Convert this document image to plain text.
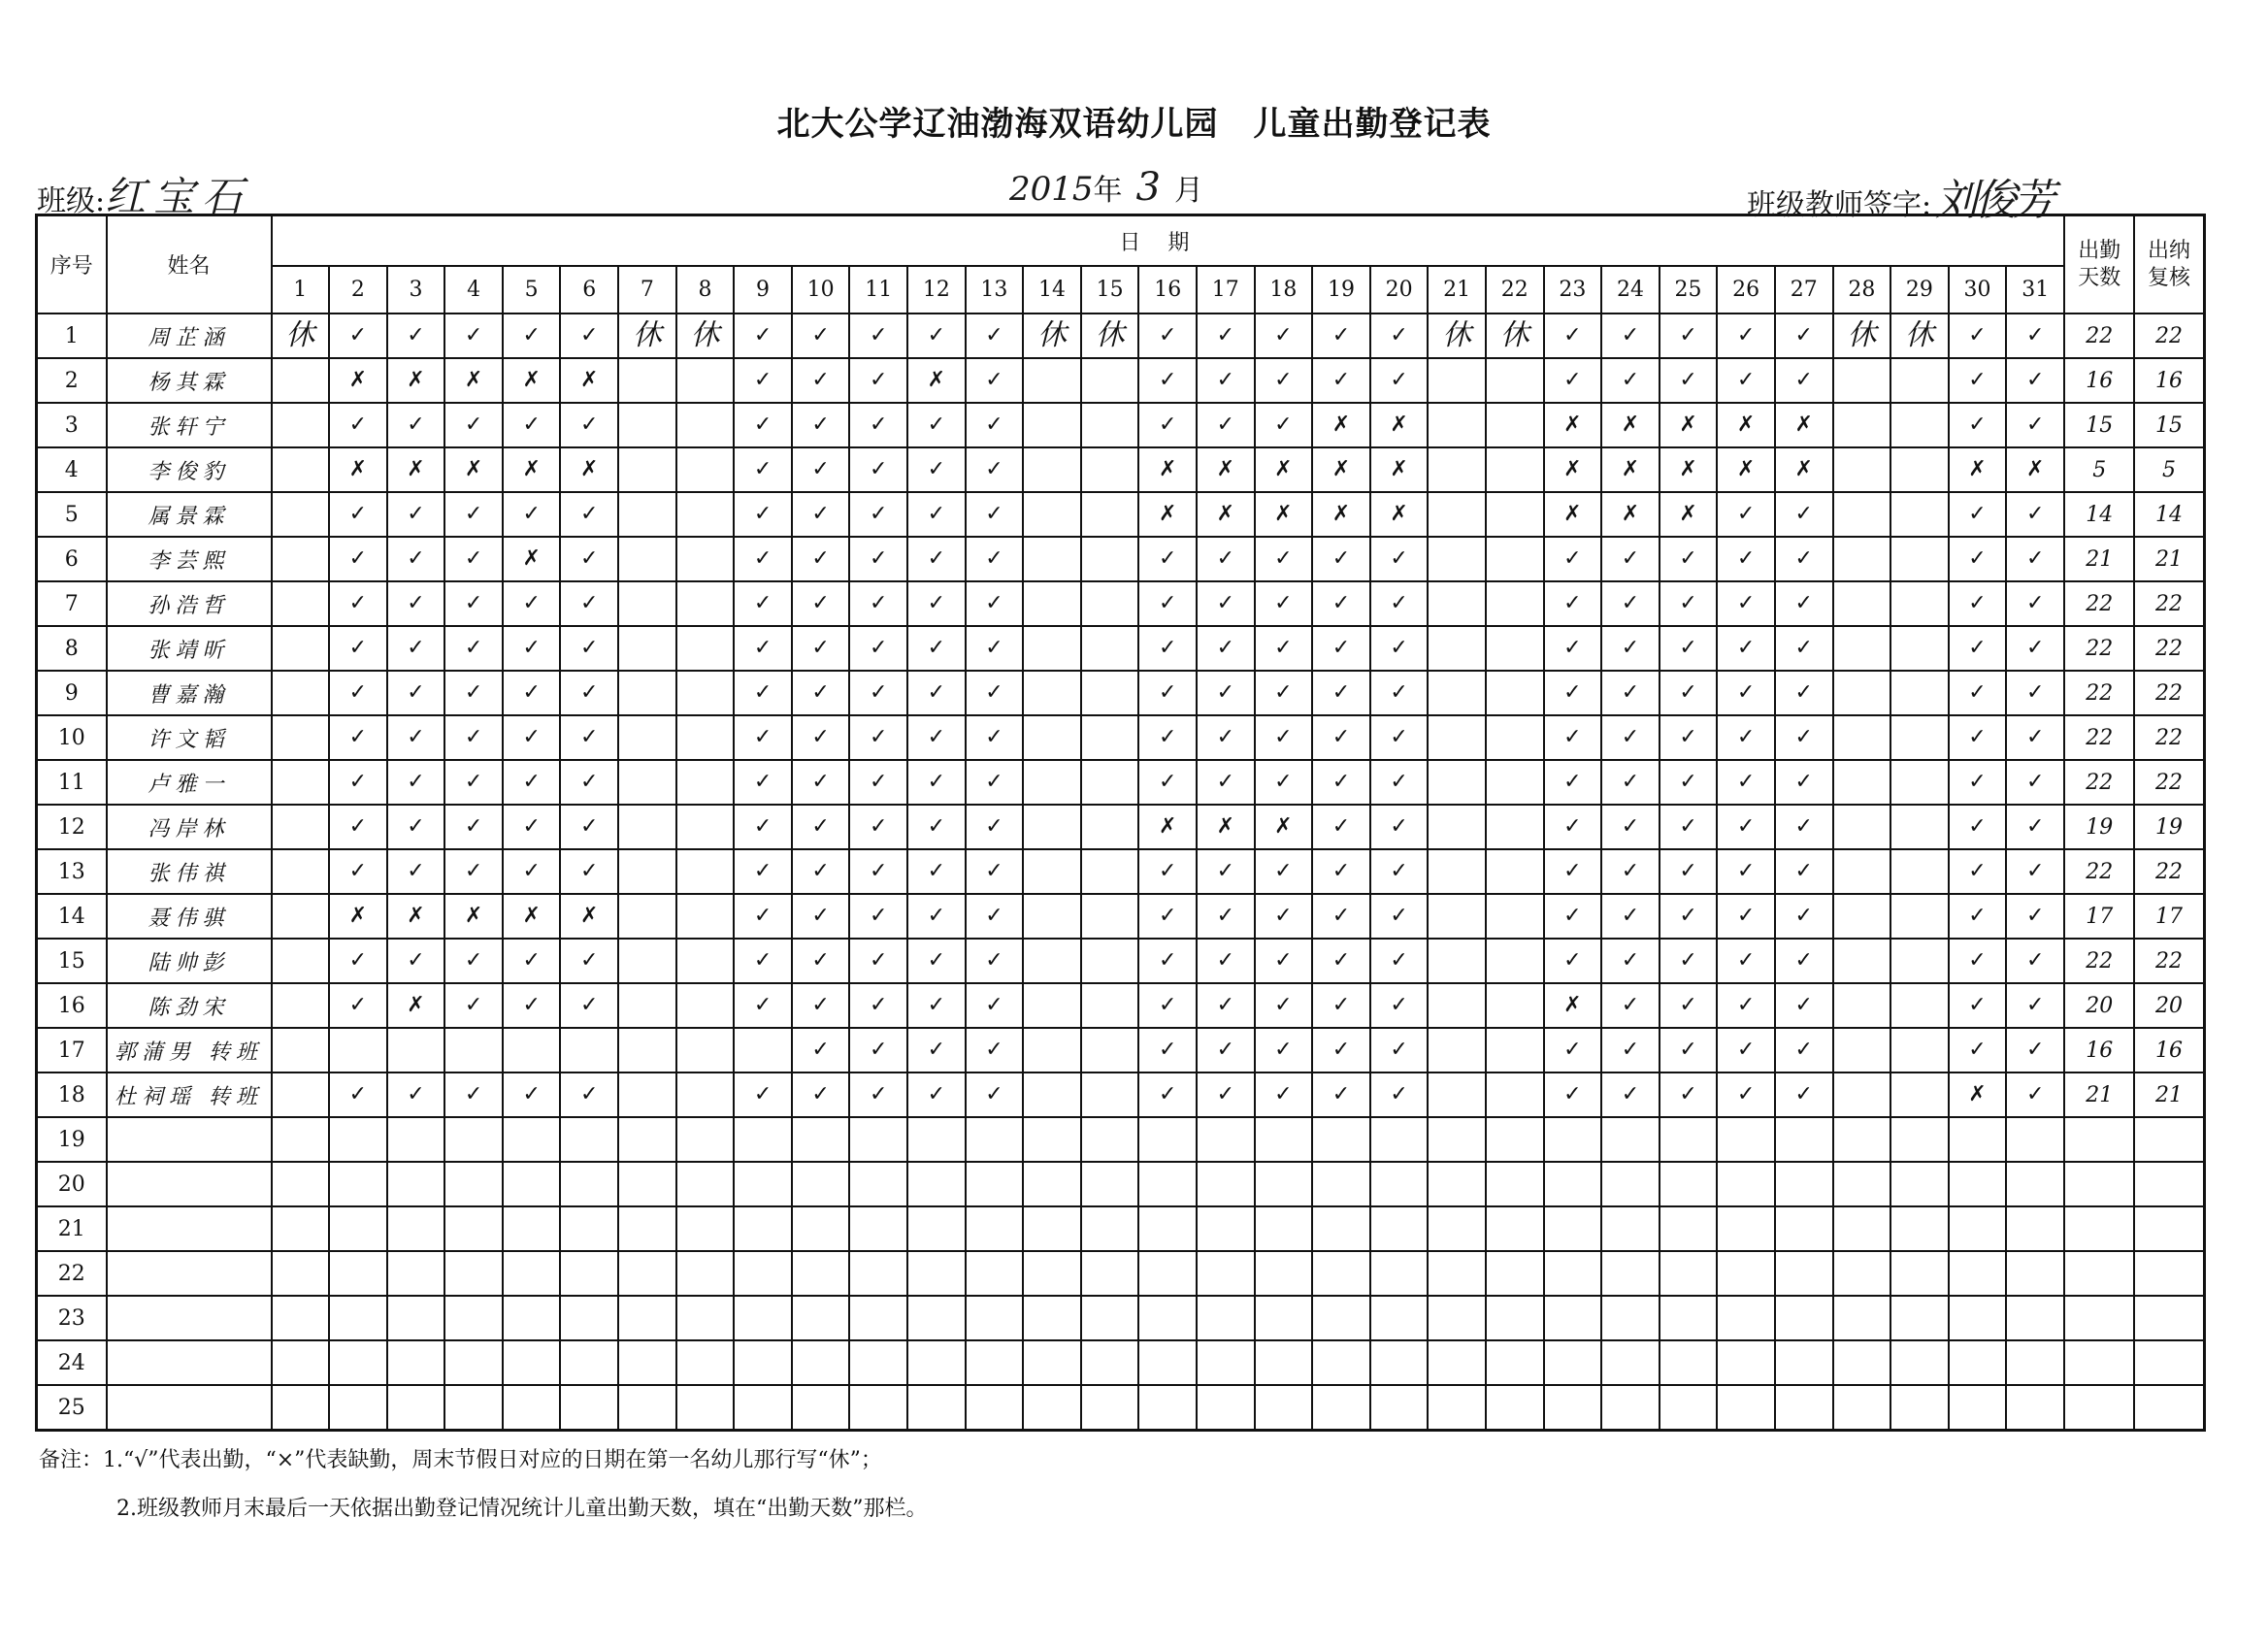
北大公学辽油渤海双语幼儿园 儿童出勤登记表
班级:红宝石	2015年 3 月	班级教师签字:刘俊芳
序号	姓名	日期																															出勤天数	出纳复核
		1	2	3	4	5	6	7	8	9	10	11	12	13	14	15	16	17	18	19	20	21	22	23	24	25	26	27	28	29	30	31		
1	周芷涵	休	✓	✓	✓	✓	✓	休	休	✓	✓	✓	✓	✓	休	休	✓	✓	✓	✓	✓	休	休	✓	✓	✓	✓	✓	休	休	✓	✓	22	22
2	杨其霖		✗	✗	✗	✗	✗			✓	✓	✓	✗	✓			✓	✓	✓	✓	✓			✓	✓	✓	✓	✓			✓	✓	16	16
3	张轩宁		✓	✓	✓	✓	✓			✓	✓	✓	✓	✓			✓	✓	✓	✗	✗			✗	✗	✗	✗	✗			✓	✓	15	15
4	李俊豹		✗	✗	✗	✗	✗			✓	✓	✓	✓	✓			✗	✗	✗	✗	✗			✗	✗	✗	✗	✗			✗	✗	5	5
5	属景霖		✓	✓	✓	✓	✓			✓	✓	✓	✓	✓			✗	✗	✗	✗	✗			✗	✗	✗	✓	✓			✓	✓	14	14
6	李芸熙		✓	✓	✓	✗	✓			✓	✓	✓	✓	✓			✓	✓	✓	✓	✓			✓	✓	✓	✓	✓			✓	✓	21	21
7	孙浩哲		✓	✓	✓	✓	✓			✓	✓	✓	✓	✓			✓	✓	✓	✓	✓			✓	✓	✓	✓	✓			✓	✓	22	22
8	张靖昕		✓	✓	✓	✓	✓			✓	✓	✓	✓	✓			✓	✓	✓	✓	✓			✓	✓	✓	✓	✓			✓	✓	22	22
9	曹嘉瀚		✓	✓	✓	✓	✓			✓	✓	✓	✓	✓			✓	✓	✓	✓	✓			✓	✓	✓	✓	✓			✓	✓	22	22
10	许文韬		✓	✓	✓	✓	✓			✓	✓	✓	✓	✓			✓	✓	✓	✓	✓			✓	✓	✓	✓	✓			✓	✓	22	22
11	卢雅一		✓	✓	✓	✓	✓			✓	✓	✓	✓	✓			✓	✓	✓	✓	✓			✓	✓	✓	✓	✓			✓	✓	22	22
12	冯岸林		✓	✓	✓	✓	✓			✓	✓	✓	✓	✓			✗	✗	✗	✓	✓			✓	✓	✓	✓	✓			✓	✓	19	19
13	张伟祺		✓	✓	✓	✓	✓			✓	✓	✓	✓	✓			✓	✓	✓	✓	✓			✓	✓	✓	✓	✓			✓	✓	22	22
14	聂伟骐		✗	✗	✗	✗	✗			✓	✓	✓	✓	✓			✓	✓	✓	✓	✓			✓	✓	✓	✓	✓			✓	✓	17	17
15	陆帅彭		✓	✓	✓	✓	✓			✓	✓	✓	✓	✓			✓	✓	✓	✓	✓			✓	✓	✓	✓	✓			✓	✓	22	22
16	陈劲宋		✓	✗	✓	✓	✓			✓	✓	✓	✓	✓			✓	✓	✓	✓	✓			✗	✓	✓	✓	✓			✓	✓	20	20
17	郭蒲男 转班										✓	✓	✓	✓			✓	✓	✓	✓	✓			✓	✓	✓	✓	✓			✓	✓	16	16
18	杜祠瑶 转班		✓	✓	✓	✓	✓			✓	✓	✓	✓	✓			✓	✓	✓	✓	✓			✓	✓	✓	✓	✓			✗	✓	21	21
19																																		
20																																		
21																																		
22																																		
23																																		
24																																		
25																																		
备注：1.“√”代表出勤，“×”代表缺勤，周末节假日对应的日期在第一名幼儿那行写“休”；
2.班级教师月末最后一天依据出勤登记情况统计儿童出勤天数，填在“出勤天数”那栏。
